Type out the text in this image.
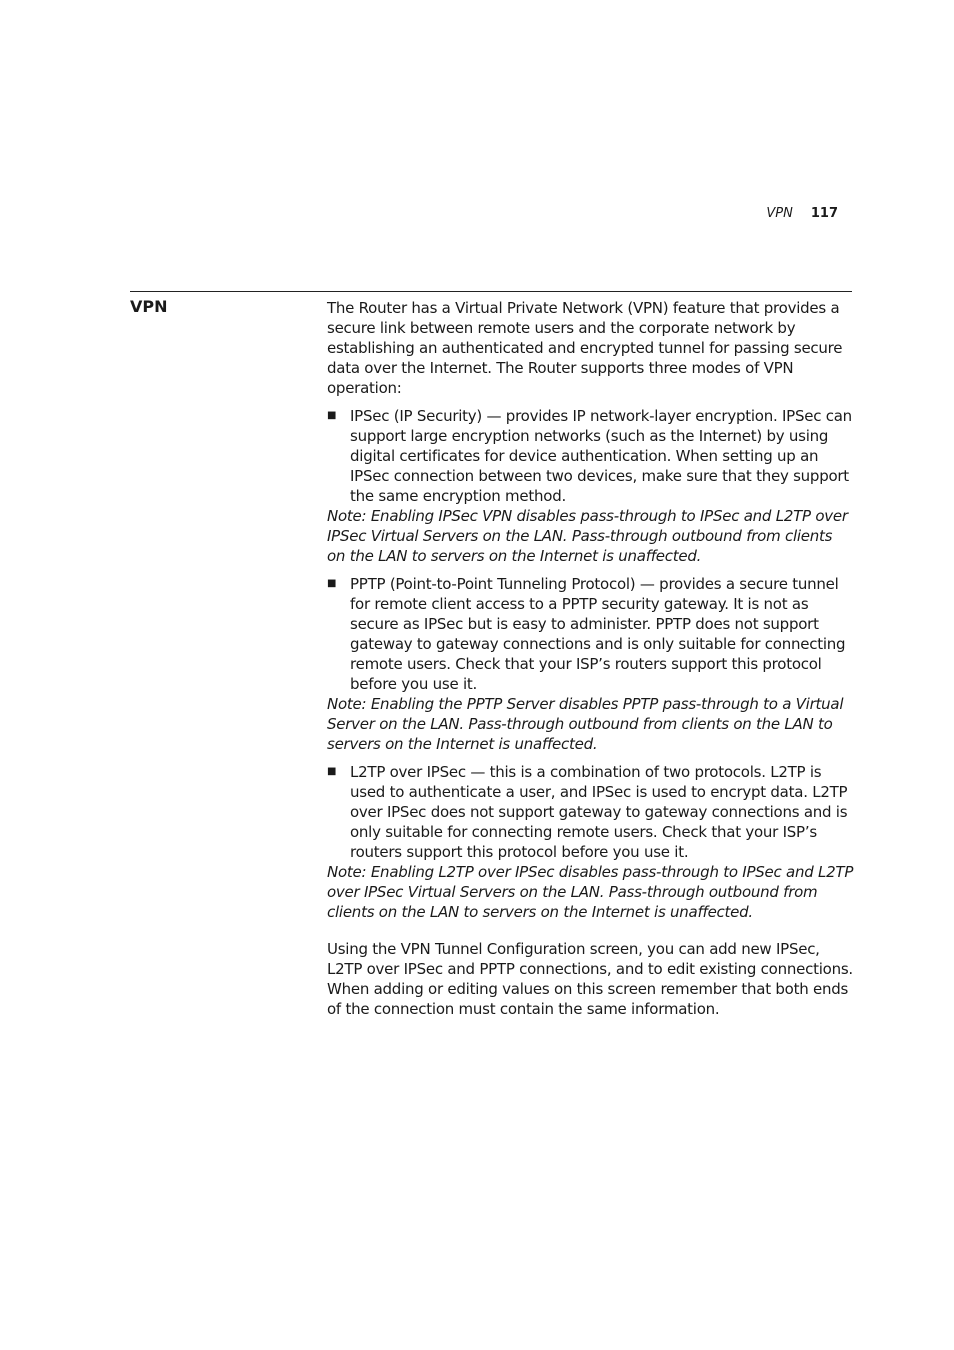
VPN 117
VPN	The Router has a Virtual Private Network (VPN) feature that provides a secure link between remote users and the corporate network by establishing an authenticated and encrypted tunnel for passing secure data over the Internet. The Router supports three modes of VPN operation:

■ IPSec (IP Security) — provides IP network-layer encryption. IPSec can support large encryption networks (such as the Internet) by using digital certificates for device authentication. When setting up an IPSec connection between two devices, make sure that they support the same encryption method.

Note: Enabling IPSec VPN disables pass-through to IPSec and L2TP over IPSec Virtual Servers on the LAN. Pass-through outbound from clients on the LAN to servers on the Internet is unaffected.

■ PPTP (Point-to-Point Tunneling Protocol) — provides a secure tunnel for remote client access to a PPTP security gateway. It is not as secure as IPSec but is easy to administer. PPTP does not support gateway to gateway connections and is only suitable for connecting remote users. Check that your ISP’s routers support this protocol before you use it.

Note: Enabling the PPTP Server disables PPTP pass-through to a Virtual Server on the LAN. Pass-through outbound from clients on the LAN to servers on the Internet is unaffected.

■ L2TP over IPSec — this is a combination of two protocols. L2TP is used to authenticate a user, and IPSec is used to encrypt data. L2TP over IPSec does not support gateway to gateway connections and is only suitable for connecting remote users. Check that your ISP’s routers support this protocol before you use it.

Note: Enabling L2TP over IPSec disables pass-through to IPSec and L2TP over IPSec Virtual Servers on the LAN. Pass-through outbound from clients on the LAN to servers on the Internet is unaffected.

Using the VPN Tunnel Configuration screen, you can add new IPSec, L2TP over IPSec and PPTP connections, and to edit existing connections. When adding or editing values on this screen remember that both ends of the connection must contain the same information.
